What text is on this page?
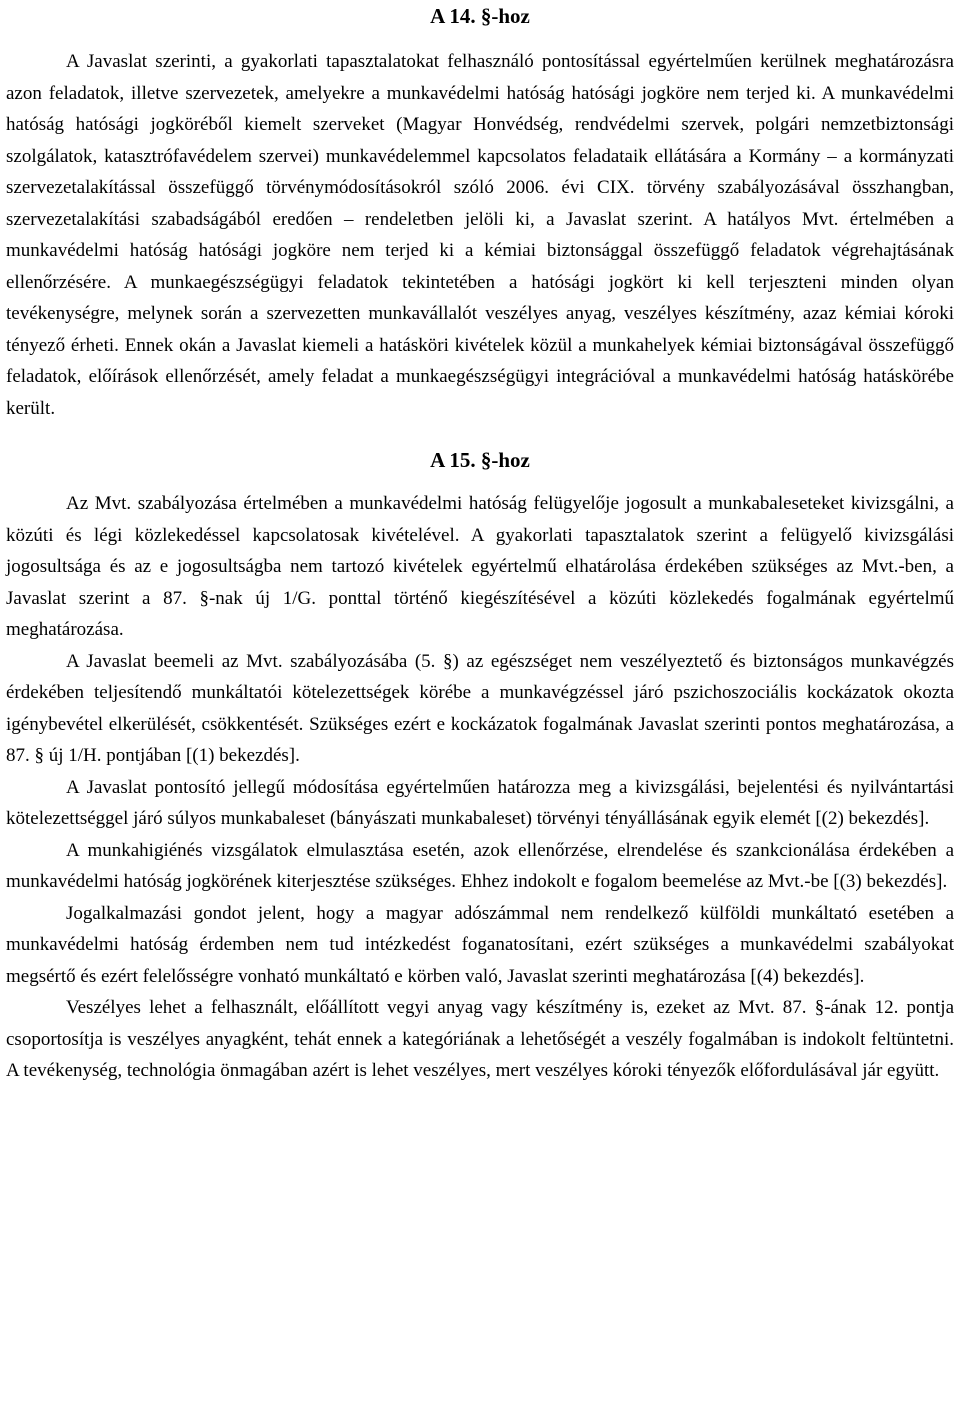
A 14. §-hoz

A Javaslat szerinti, a gyakorlati tapasztalatokat felhasználó pontosítással egyértelműen kerülnek meghatározásra azon feladatok, illetve szervezetek, amelyekre a munkavédelmi hatóság hatósági jogköre nem terjed ki. A munkavédelmi hatóság hatósági jogköréből kiemelt szerveket (Magyar Honvédség, rendvédelmi szervek, polgári nemzetbiztonsági szolgálatok, katasztrófavédelem szervei) munkavédelemmel kapcsolatos feladataik ellátására a Kormány – a kormányzati szervezetalakítással összefüggő törvénymódosításokról szóló 2006. évi CIX. törvény szabályozásával összhangban, szervezetalakítási szabadságából eredően – rendeletben jelöli ki, a Javaslat szerint. A hatályos Mvt. értelmében a munkavédelmi hatóság hatósági jogköre nem terjed ki a kémiai biztonsággal összefüggő feladatok végrehajtásának ellenőrzésére. A munkaegészségügyi feladatok tekintetében a hatósági jogkört ki kell terjeszteni minden olyan tevékenységre, melynek során a szervezetten munkavállalót veszélyes anyag, veszélyes készítmény, azaz kémiai kóroki tényező érheti. Ennek okán a Javaslat kiemeli a hatásköri kivételek közül a munkahelyek kémiai biztonságával összefüggő feladatok, előírások ellenőrzését, amely feladat a munkaegészségügyi integrációval a munkavédelmi hatóság hatáskörébe került.

A 15. §-hoz

Az Mvt. szabályozása értelmében a munkavédelmi hatóság felügyelője jogosult a munkabaleseteket kivizsgálni, a közúti és légi közlekedéssel kapcsolatosak kivételével. A gyakorlati tapasztalatok szerint a felügyelő kivizsgálási jogosultsága és az e jogosultságba nem tartozó kivételek egyértelmű elhatárolása érdekében szükséges az Mvt.-ben, a Javaslat szerint a 87. §-nak új 1/G. ponttal történő kiegészítésével a közúti közlekedés fogalmának egyértelmű meghatározása.

A Javaslat beemeli az Mvt. szabályozásába (5. §) az egészséget nem veszélyeztető és biztonságos munkavégzés érdekében teljesítendő munkáltatói kötelezettségek körébe a munkavégzéssel járó pszichoszociális kockázatok okozta igénybevétel elkerülését, csökkentését. Szükséges ezért e kockázatok fogalmának Javaslat szerinti pontos meghatározása, a 87. § új 1/H. pontjában [(1) bekezdés].

A Javaslat pontosító jellegű módosítása egyértelműen határozza meg a kivizsgálási, bejelentési és nyilvántartási kötelezettséggel járó súlyos munkabaleset (bányászati munkabaleset) törvényi tényállásának egyik elemét [(2) bekezdés].

A munkahigiénés vizsgálatok elmulasztása esetén, azok ellenőrzése, elrendelése és szankcionálása érdekében a munkavédelmi hatóság jogkörének kiterjesztése szükséges. Ehhez indokolt e fogalom beemelése az Mvt.-be [(3) bekezdés].

Jogalkalmazási gondot jelent, hogy a magyar adószámmal nem rendelkező külföldi munkáltató esetében a munkavédelmi hatóság érdemben nem tud intézkedést foganatosítani, ezért szükséges a munkavédelmi szabályokat megsértő és ezért felelősségre vonható munkáltató e körben való, Javaslat szerinti meghatározása [(4) bekezdés].

Veszélyes lehet a felhasznált, előállított vegyi anyag vagy készítmény is, ezeket az Mvt. 87. §-ának 12. pontja csoportosítja is veszélyes anyagként, tehát ennek a kategóriának a lehetőségét a veszély fogalmában is indokolt feltüntetni. A tevékenység, technológia önmagában azért is lehet veszélyes, mert veszélyes kóroki tényezők előfordulásával jár együtt.
